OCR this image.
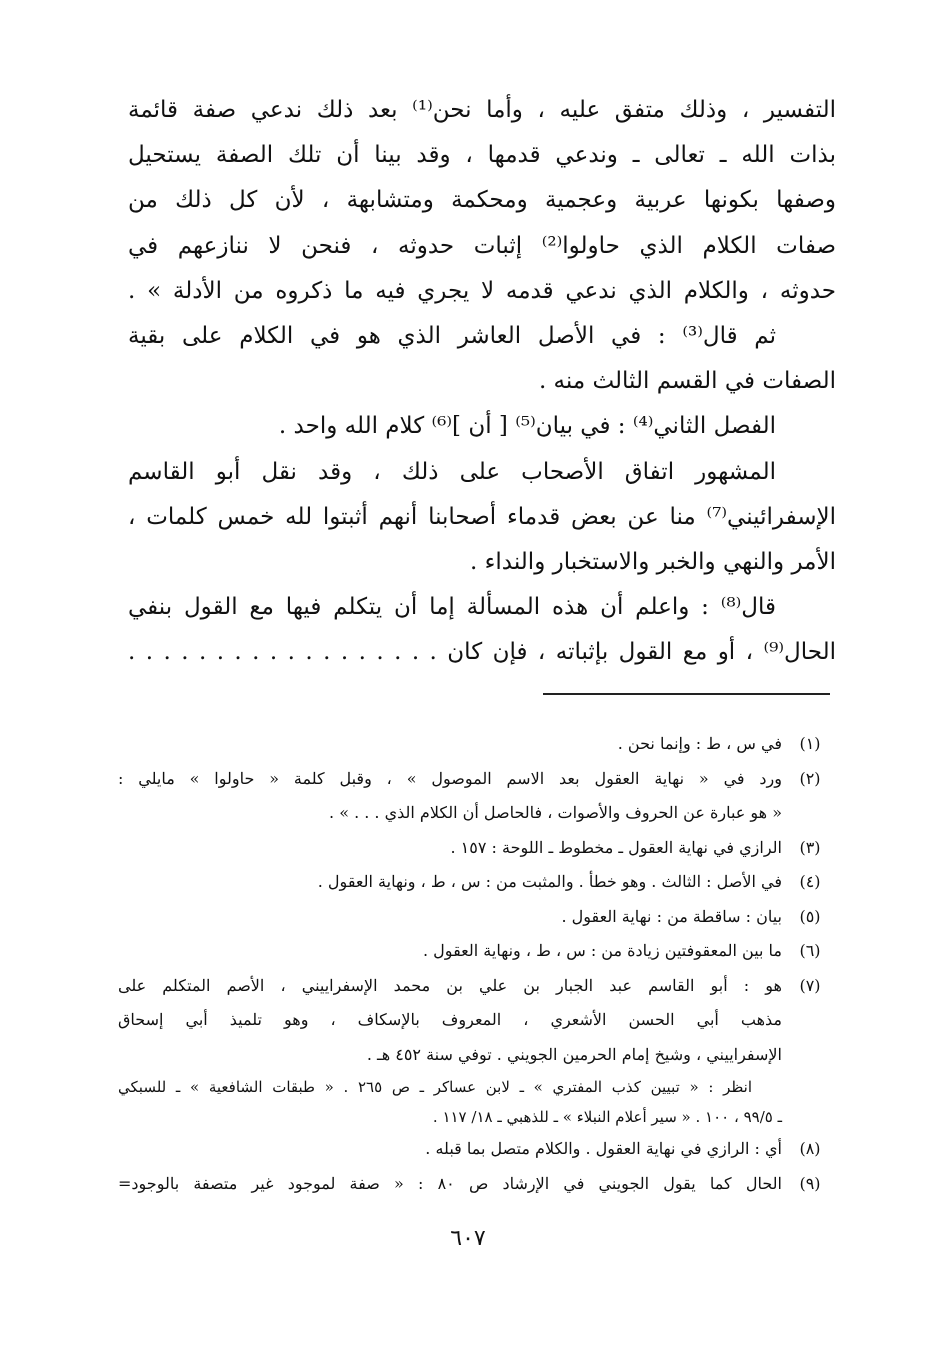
التفسير ، وذلك متفق عليه ، وأما نحن⁽¹⁾ بعد ذلك ندعي صفة قائمة
بذات الله ـ تعالى ـ وندعي قدمها ، وقد بينا أن تلك الصفة يستحيل
وصفها بكونها عربية وعجمية ومحكمة ومتشابهة ، لأن كل ذلك من
صفات الكلام الذي حاولوا⁽²⁾ إثبات حدوثه ، فنحن لا ننازعهم في
حدوثه ، والكلام الذي ندعي قدمه لا يجري فيه ما ذكروه من الأدلة » .
ثم قال⁽³⁾ : في الأصل العاشر الذي هو في الكلام على بقية
الصفات في القسم الثالث منه .
الفصل الثاني⁽⁴⁾ : في بيان⁽⁵⁾ [ أن ]⁽⁶⁾ كلام الله واحد .
المشهور اتفاق الأصحاب على ذلك ، وقد نقل أبو القاسم
الإسفرائيني⁽⁷⁾ منا عن بعض قدماء أصحابنا أنهم أثبتوا لله خمس كلمات ،
الأمر والنهي والخبر والاستخبار والنداء .
قال⁽⁸⁾ : واعلم أن هذه المسألة إما أن يتكلم فيها مع القول بنفي
الحال⁽⁹⁾ ، أو مع القول بإثباته ، فإن كان . . . . . . . . . . . . . . . . . .
(١)
في س ، ط : وإنما نحن .
(٢)
ورد في « نهاية العقول بعد الاسم الموصول » ، وقبل كلمة « حاولوا » مايلي :
« هو عبارة عن الحروف والأصوات ، فالحاصل أن الكلام الذي . . . » .
(٣)
الرازي في نهاية العقول ـ مخطوط ـ اللوحة : ١٥٧ .
(٤)
في الأصل : الثالث . وهو خطأ . والمثبت من : س ، ط ، ونهاية العقول .
(٥)
بيان : ساقطة من : نهاية العقول .
(٦)
ما بين المعقوفتين زيادة من : س ، ط ، ونهاية العقول .
(٧)
هو : أبو القاسم عبد الجبار بن علي بن محمد الإسفراييني ، الأصم المتكلم على
مذهب أبي الحسن الأشعري ، المعروف بالإسكاف ، وهو تلميذ أبي إسحاق
الإسفراييني ، وشيخ إمام الحرمين الجويني . توفي سنة ٤٥٢ هـ .
انظر : « تبيين كذب المفتري » ـ لابن عساكر ـ ص ٢٦٥ . « طبقات الشافعية » ـ للسبكي
ـ ٩٩/٥ ، ١٠٠ . « سير أعلام النبلاء » ـ للذهبي ـ ١٨/ ١١٧ .
(٨)
أي : الرازي في نهاية العقول . والكلام متصل بما قبله .
(٩)
الحال كما يقول الجويني في الإرشاد ص ٨٠ : « صفة لموجود غير متصفة بالوجود=
٦٠٧
